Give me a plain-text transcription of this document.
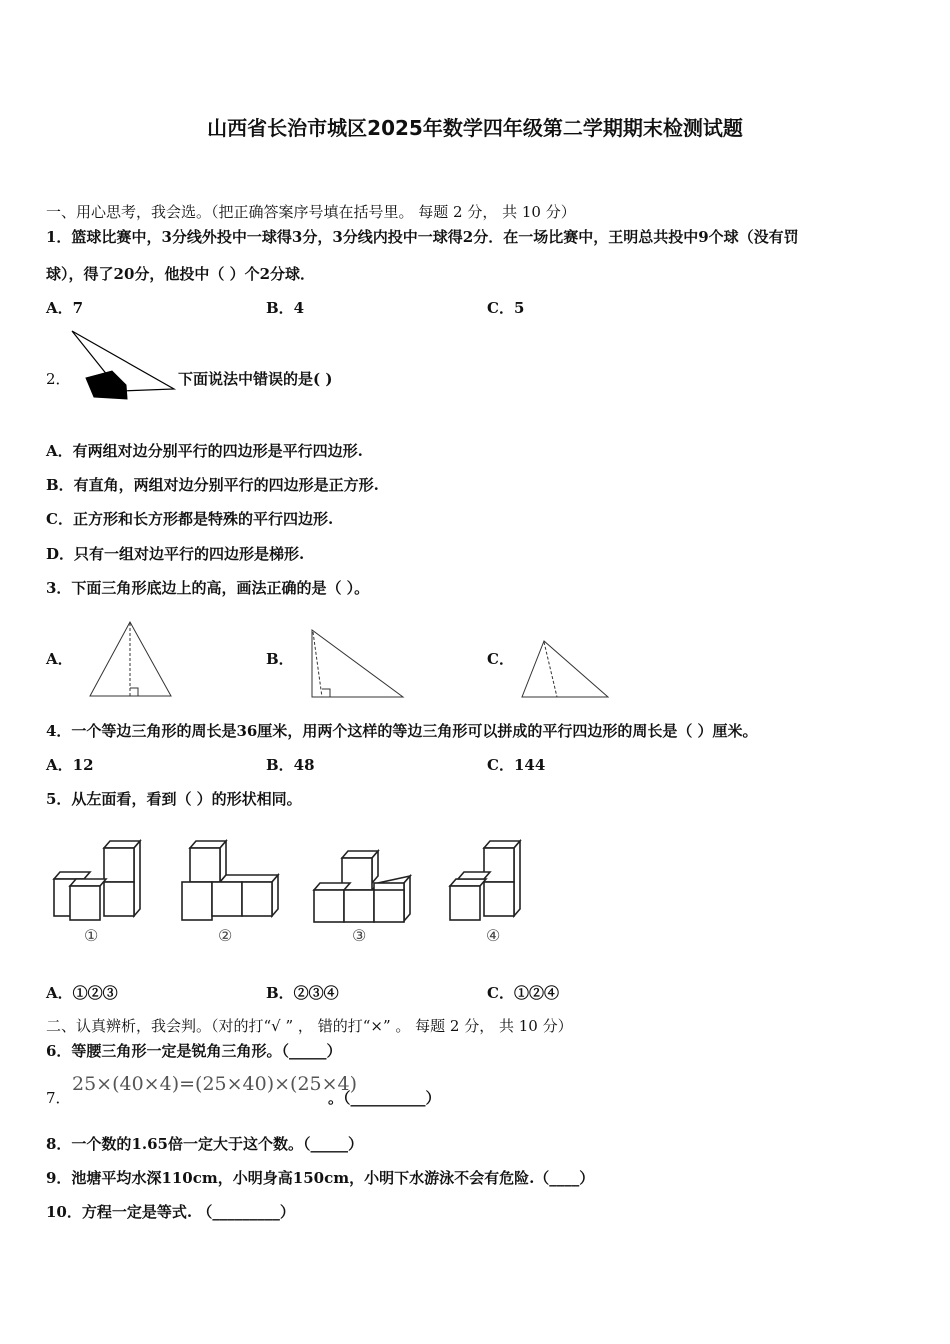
山西省长治市城区2025年数学四年级第二学期期末检测试题
一、用心思考，我会选。（把正确答案序号填在括号里。 每题 2 分， 共 10 分）
1．篮球比赛中，3分线外投中一球得3分，3分线内投中一球得2分．在一场比赛中，王明总共投中9个球（没有罚
球），得了20分，他投中（ ）个2分球．
A．7	B．4	C．5
2．	下面说法中错误的是( )
A．有两组对边分别平行的四边形是平行四边形.
B．有直角，两组对边分别平行的四边形是正方形.
C．正方形和长方形都是特殊的平行四边形.
D．只有一组对边平行的四边形是梯形.
3．下面三角形底边上的高，画法正确的是（ ）。
A．	B．	C．
4．一个等边三角形的周长是36厘米，用两个这样的等边三角形可以拼成的平行四边形的周长是（ ）厘米。
A．12	B．48	C．144
5．从左面看，看到（ ）的形状相同。
①	②	③	④
A．①②③	B．②③④	C．①②④
二、认真辨析，我会判。（对的打“√ ” ， 错的打“×” 。 每题 2 分， 共 10 分）
6．等腰三角形一定是锐角三角形。（_____）
7．
25×(40×4)=(25×40)×(25×4)
。（__________）
8．一个数的1.65倍一定大于这个数。（_____）
9．池塘平均水深110cm，小明身高150cm，小明下水游泳不会有危险.（____）
10．方程一定是等式. （_________）
